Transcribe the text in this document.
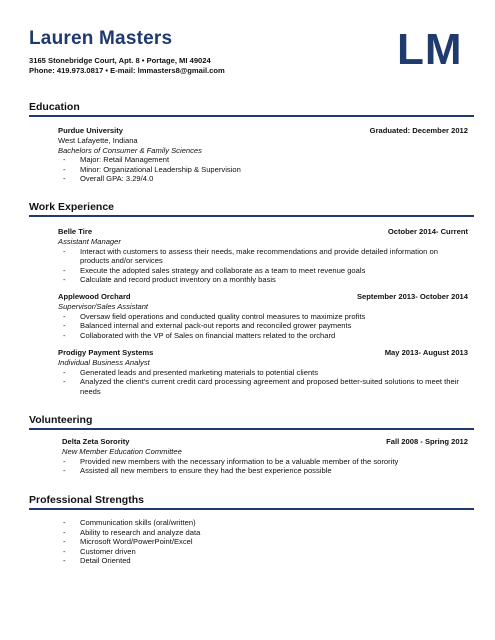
Lauren Masters
3165 Stonebridge Court, Apt. 8 • Portage, MI 49024
Phone: 419.973.0817 • E-mail: lmmasters8@gmail.com	LM
Education
Purdue University	Graduated: December 2012
West Lafayette, Indiana
Bachelors of Consumer & Family Sciences
- Major: Retail Management
- Minor: Organizational Leadership & Supervision
- Overall GPA: 3.29/4.0
Work Experience
Belle Tire	October 2014- Current
Assistant Manager
- Interact with customers to assess their needs, make recommendations and provide detailed information on products and/or services
- Execute the adopted sales strategy and collaborate as a team to meet revenue goals
- Calculate and record product inventory on a monthly basis
Applewood Orchard	September 2013- October 2014
Supervisor/Sales Assistant
- Oversaw field operations and conducted quality control measures to maximize profits
- Balanced internal and external pack-out reports and reconciled grower payments
- Collaborated with the VP of Sales on financial matters related to the orchard
Prodigy Payment Systems	May 2013- August 2013
Individual Business Analyst
- Generated leads and presented marketing materials to potential clients
- Analyzed the client’s current credit card processing agreement and proposed better-suited solutions to meet their needs
Volunteering
Delta Zeta Sorority	Fall 2008 - Spring 2012
New Member Education Committee
- Provided new members with the necessary information to be a valuable member of the sorority
- Assisted all new members to ensure they had the best experience possible
Professional Strengths
- Communication skills (oral/written)
- Ability to research and analyze data
- Microsoft Word/PowerPoint/Excel
- Customer driven
- Detail Oriented
